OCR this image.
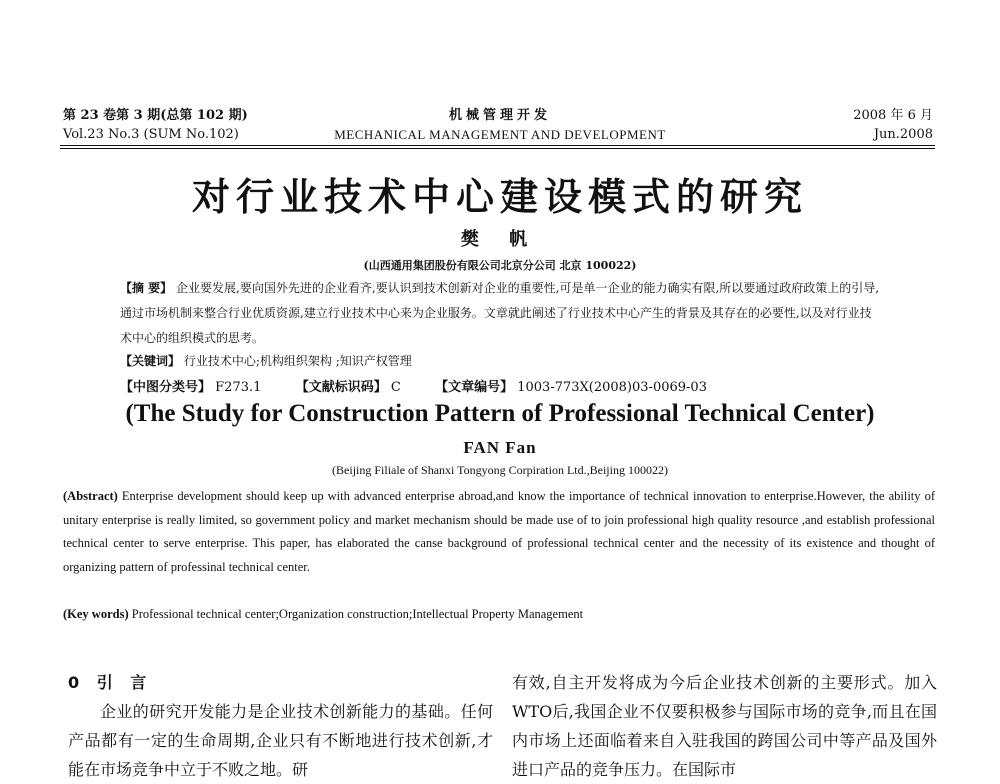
第 23 卷第 3 期(总第 102 期)
Vol.23 No.3 (SUM No.102)
机械管理开发
MECHANICAL MANAGEMENT AND DEVELOPMENT
2008 年 6 月
Jun.2008
对行业技术中心建设模式的研究
樊 帆
(山西通用集团股份有限公司北京分公司 北京 100022)
【摘 要】 企业要发展,要向国外先进的企业看齐,要认识到技术创新对企业的重要性,可是单一企业的能力确实有限,所以要通过政府政策上的引导,通过市场机制来整合行业优质资源,建立行业技术中心来为企业服务。文章就此阐述了行业技术中心产生的背景及其存在的必要性,以及对行业技术中心的组织模式的思考。
【关键词】 行业技术中心;机构组织架构 ;知识产权管理
【中图分类号】 F273.1	【文献标识码】 C	【文章编号】 1003-773X(2008)03-0069-03
(The Study for Construction Pattern of Professional Technical Center)
FAN Fan
(Beijing Filiale of Shanxi Tongyong Corpiration Ltd.,Beijing 100022)
(Abstract) Enterprise development should keep up with advanced enterprise abroad,and know the importance of technical innovation to enterprise.However, the ability of unitary enterprise is really limited, so government policy and market mechanism should be made use of to join professional high quality resource ,and establish professional technical center to serve enterprise. This paper, has elaborated the canse background of professional technical center and the necessity of its existence and thought of organizing pattern of professinal technical center.
(Key words) Professional technical center;Organization construction;Intellectual Property Management
0 引 言
企业的研究开发能力是企业技术创新能力的基础。任何产品都有一定的生命周期,企业只有不断地进行技术创新,才能在市场竞争中立于不败之地。研
有效,自主开发将成为今后企业技术创新的主要形式。加入WTO后,我国企业不仅要积极参与国际市场的竞争,而且在国内市场上还面临着来自入驻我国的跨国公司中等产品及国外进口产品的竞争压力。在国际市
